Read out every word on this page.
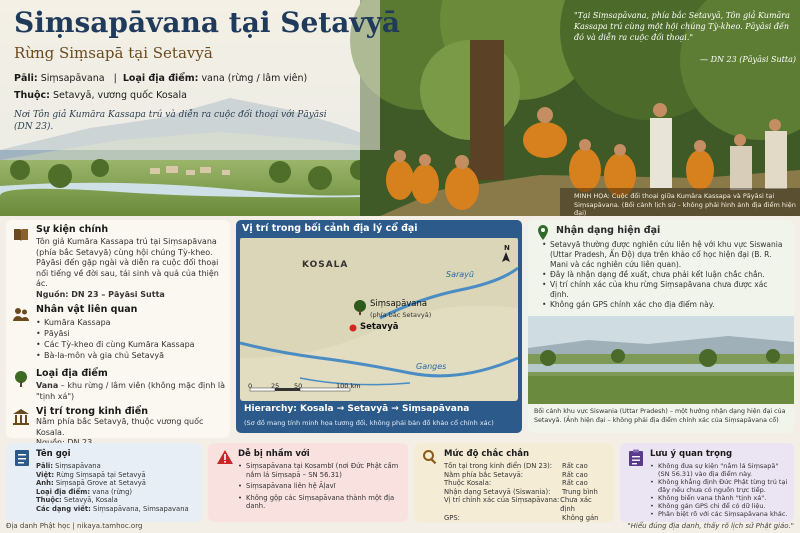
Siṃsapāvana tại Setavyā
Rừng Siṃsapā tại Setavyā
Pāli: Siṃsapāvana   |  Loại địa điểm: vana (rừng / lâm viên)
Thuộc: Setavyā, vương quốc Kosala
Nơi Tôn giả Kumāra Kassapa trú và diễn ra cuộc đối thoại với Pāyāsi (DN 23).
"Tại Siṃsapāvana, phía bắc Setavyā, Tôn giả Kumāra Kassapa trú cùng một hội chúng Tỳ-kheo. Pāyāsi đến đó và diễn ra cuộc đối thoại."
— DN 23 (Pāyāsi Sutta)
MINH HỌA: Cuộc đối thoại giữa Kumāra Kassapa và Pāyāsi tại Siṃsapāvana. (Bối cảnh lịch sử – không phải hình ảnh địa điểm hiện đại)
Sự kiện chính
Tôn giả Kumāra Kassapa trú tại Siṃsapāvana (phía bắc Setavyā) cùng hội chúng Tỳ-kheo. Pāyāsi đến gặp ngài và diễn ra cuộc đối thoại nổi tiếng về đời sau, tái sinh và quả của thiện ác.
Nguồn: DN 23 – Pāyāsi Sutta
Nhân vật liên quan
• Kumāra Kassapa
• Pāyāsi
• Các Tỳ-kheo đi cùng Kumāra Kassapa
• Bà-la-môn và gia chủ Setavyā
Loại địa điểm
Vana – khu rừng / lâm viên (không mặc định là "tịnh xá")
Vị trí trong kinh điển
Nằm phía bắc Setavyā, thuộc vương quốc Kosala.
Vị trí trong bối cảnh địa lý cổ đại
KOSALA
Sarayū
Ganges
Siṃsapāvana
(phía bắc Setavyā)
Setavyā
N
0	25 50	100 km
Hierarchy: Kosala → Setavyā → Siṃsapāvana
(Sơ đồ mang tính minh họa tương đối, không phải bản đồ khảo cổ chính xác)
Nhận dạng hiện đại
• Setavyā thường được nghiên cứu liên hệ với khu vực Siswania (Uttar Pradesh, Ấn Độ) dựa trên khảo cổ học hiện đại (B. R. Mani và các nghiên cứu liên quan).
• Đây là nhận dạng đề xuất, chưa phải kết luận chắc chắn.
• Vị trí chính xác của khu rừng Siṃsapāvana chưa được xác định.
• Không gán GPS chính xác cho địa điểm này.
Bối cảnh khu vực Siswania (Uttar Pradesh) – một hướng nhận dạng hiện đại của Setavyā. (Ảnh hiện đại – không phải địa điểm chính xác của Siṃsapāvana cổ)
Tên gọi
Pāli: Siṃsapāvana
Việt: Rừng Siṃsapā tại Setavyā
Anh: Siṃsapā Grove at Setavyā
Loại địa điểm: vana (rừng)
Thuộc: Setavyā, Kosala
Các dạng viết: Siṃsapāvana, Simsapavana
Dễ bị nhầm với
• Siṃsapāvana tại Kosambī (nơi Đức Phật cầm nắm lá Siṃsapā – SN 56.31)
• Siṃsapāvana liên hệ Āḷavī
• Không gộp các Siṃsapāvana thành một địa danh.
Mức độ chắc chắn
Tồn tại trong kinh điển (DN 23):	Rất cao
Nằm phía bắc Setavyā:	Rất cao
Thuộc Kosala:	Rất cao
Nhận dạng Setavyā (Siswania):	Trung bình
Vị trí chính xác của Siṃsapāvana: Chưa xác định
GPS:	Không gán
Lưu ý quan trọng
• Không đưa sự kiện "nắm lá Siṃsapā" (SN 56.31) vào địa điểm này.
• Không khẳng định Đức Phật từng trú tại đây nếu chưa có nguồn trực tiếp.
• Không biến vana thành "tịnh xá".
• Không gán GPS chi để có dữ liệu.
• Phân biệt rõ với các Siṃsapāvana khác.
Địa danh Phật học | nikaya.tamhoc.org	"Hiểu đúng địa danh, thấy rõ lịch sử Phật giáo."
